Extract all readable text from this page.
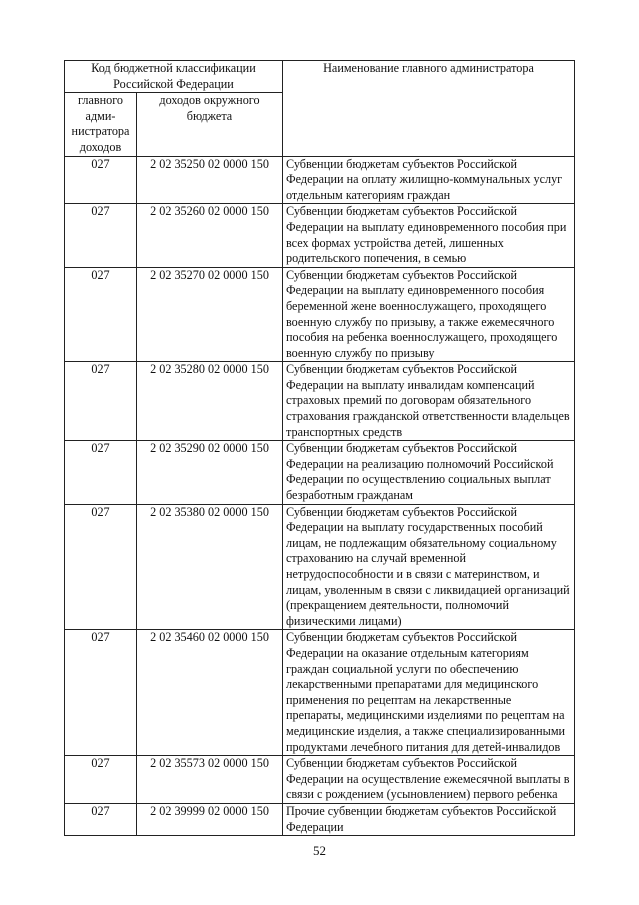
Код бюджетной классификации Российской Федерации		Наименование главного администратора
главного адми-нистратора доходов	доходов окружного бюджета	
027	2 02 35250 02 0000 150	Субвенции бюджетам субъектов Российской Федерации на оплату жилищно-коммунальных услуг отдельным категориям граждан
027	2 02 35260 02 0000 150	Субвенции бюджетам субъектов Российской Федерации на выплату единовременного пособия при всех формах устройства детей, лишенных родительского попечения, в семью
027	2 02 35270 02 0000 150	Субвенции бюджетам субъектов Российской Федерации на выплату единовременного пособия беременной жене военнослужащего, проходящего военную службу по призыву, а также ежемесячного пособия на ребенка военнослужащего, проходящего военную службу по призыву
027	2 02 35280 02 0000 150	Субвенции бюджетам субъектов Российской Федерации на выплату инвалидам компенсаций страховых премий по договорам обязательного страхования гражданской ответственности владельцев транспортных средств
027	2 02 35290 02 0000 150	Субвенции бюджетам субъектов Российской Федерации на реализацию полномочий Российской Федерации по осуществлению социальных выплат безработным гражданам
027	2 02 35380 02 0000 150	Субвенции бюджетам субъектов Российской Федерации на выплату государственных пособий лицам, не подлежащим обязательному социальному страхованию на случай временной нетрудоспособности и в связи с материнством, и лицам, уволенным в связи с ликвидацией организаций (прекращением деятельности, полномочий физическими лицами)
027	2 02 35460 02 0000 150	Субвенции бюджетам субъектов Российской Федерации на оказание отдельным категориям граждан социальной услуги по обеспечению лекарственными препаратами для медицинского применения по рецептам на лекарственные препараты, медицинскими изделиями по рецептам на медицинские изделия, а также специализированными продуктами лечебного питания для детей-инвалидов
027	2 02 35573 02 0000 150	Субвенции бюджетам субъектов Российской Федерации на осуществление ежемесячной выплаты в связи с рождением (усыновлением) первого ребенка
027	2 02 39999 02 0000 150	Прочие субвенции бюджетам субъектов Российской Федерации
52
